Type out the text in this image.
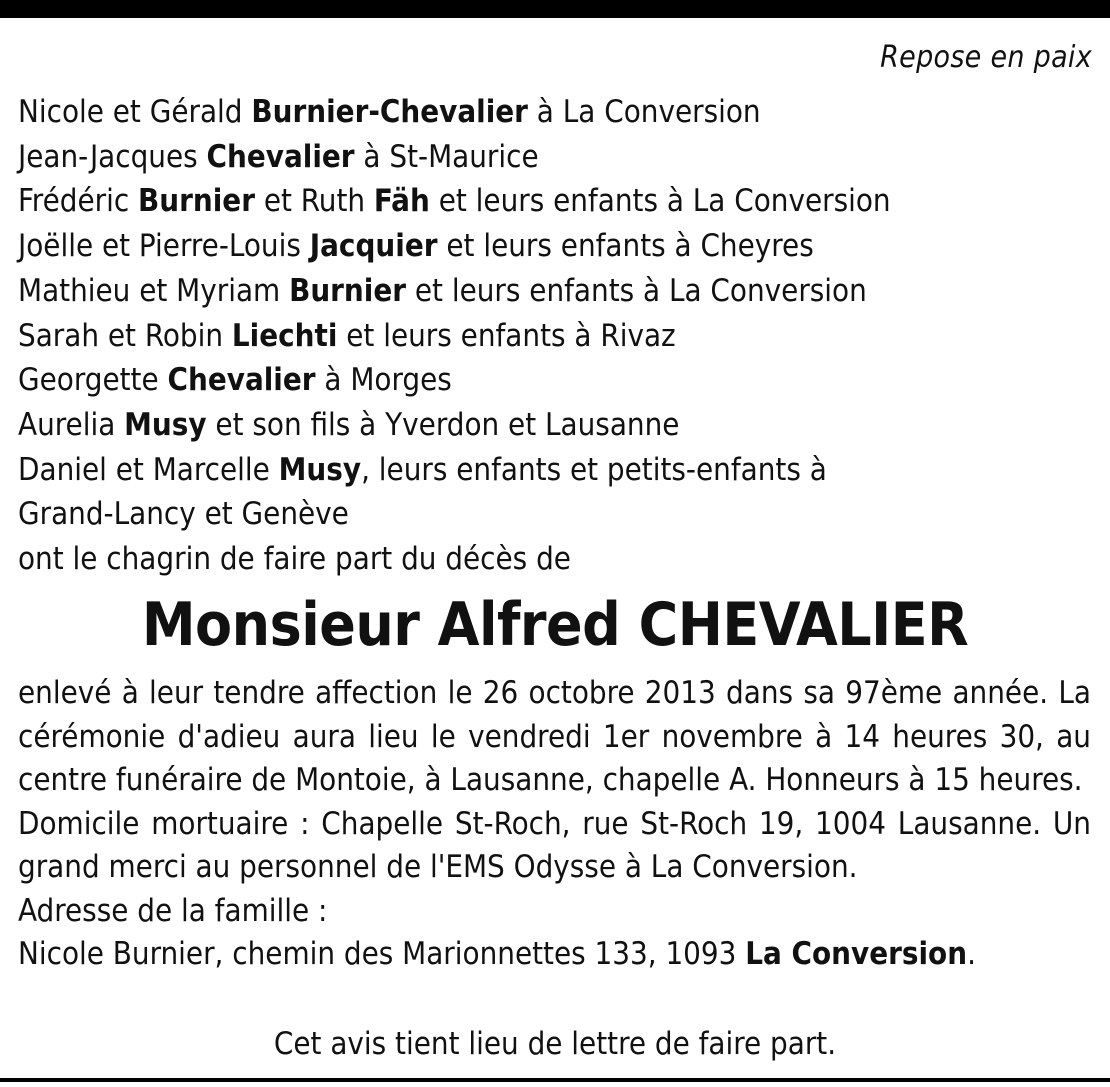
Repose en paix
Nicole et Gérald Burnier-Chevalier à La Conversion
Jean-Jacques Chevalier à St-Maurice
Frédéric Burnier et Ruth Fäh et leurs enfants à La Conversion
Joëlle et Pierre-Louis Jacquier et leurs enfants à Cheyres
Mathieu et Myriam Burnier et leurs enfants à La Conversion
Sarah et Robin Liechti et leurs enfants à Rivaz
Georgette Chevalier à Morges
Aurelia Musy et son fils à Yverdon et Lausanne
Daniel et Marcelle Musy, leurs enfants et petits-enfants à
Grand-Lancy et Genève
ont le chagrin de faire part du décès de
Monsieur Alfred CHEVALIER

enlevé à leur tendre affection le 26 octobre 2013 dans sa 97ème année. La cérémonie d'adieu aura lieu le vendredi 1er novembre à 14 heures 30, au centre funéraire de Montoie, à Lausanne, chapelle A. Honneurs à 15 heures.

Domicile mortuaire : Chapelle St-Roch, rue St-Roch 19, 1004 Lausanne. Un grand merci au personnel de l'EMS Odysse à La Conversion.

Adresse de la famille :

Nicole Burnier, chemin des Marionnettes 133, 1093 La Conversion.

Cet avis tient lieu de lettre de faire part.
